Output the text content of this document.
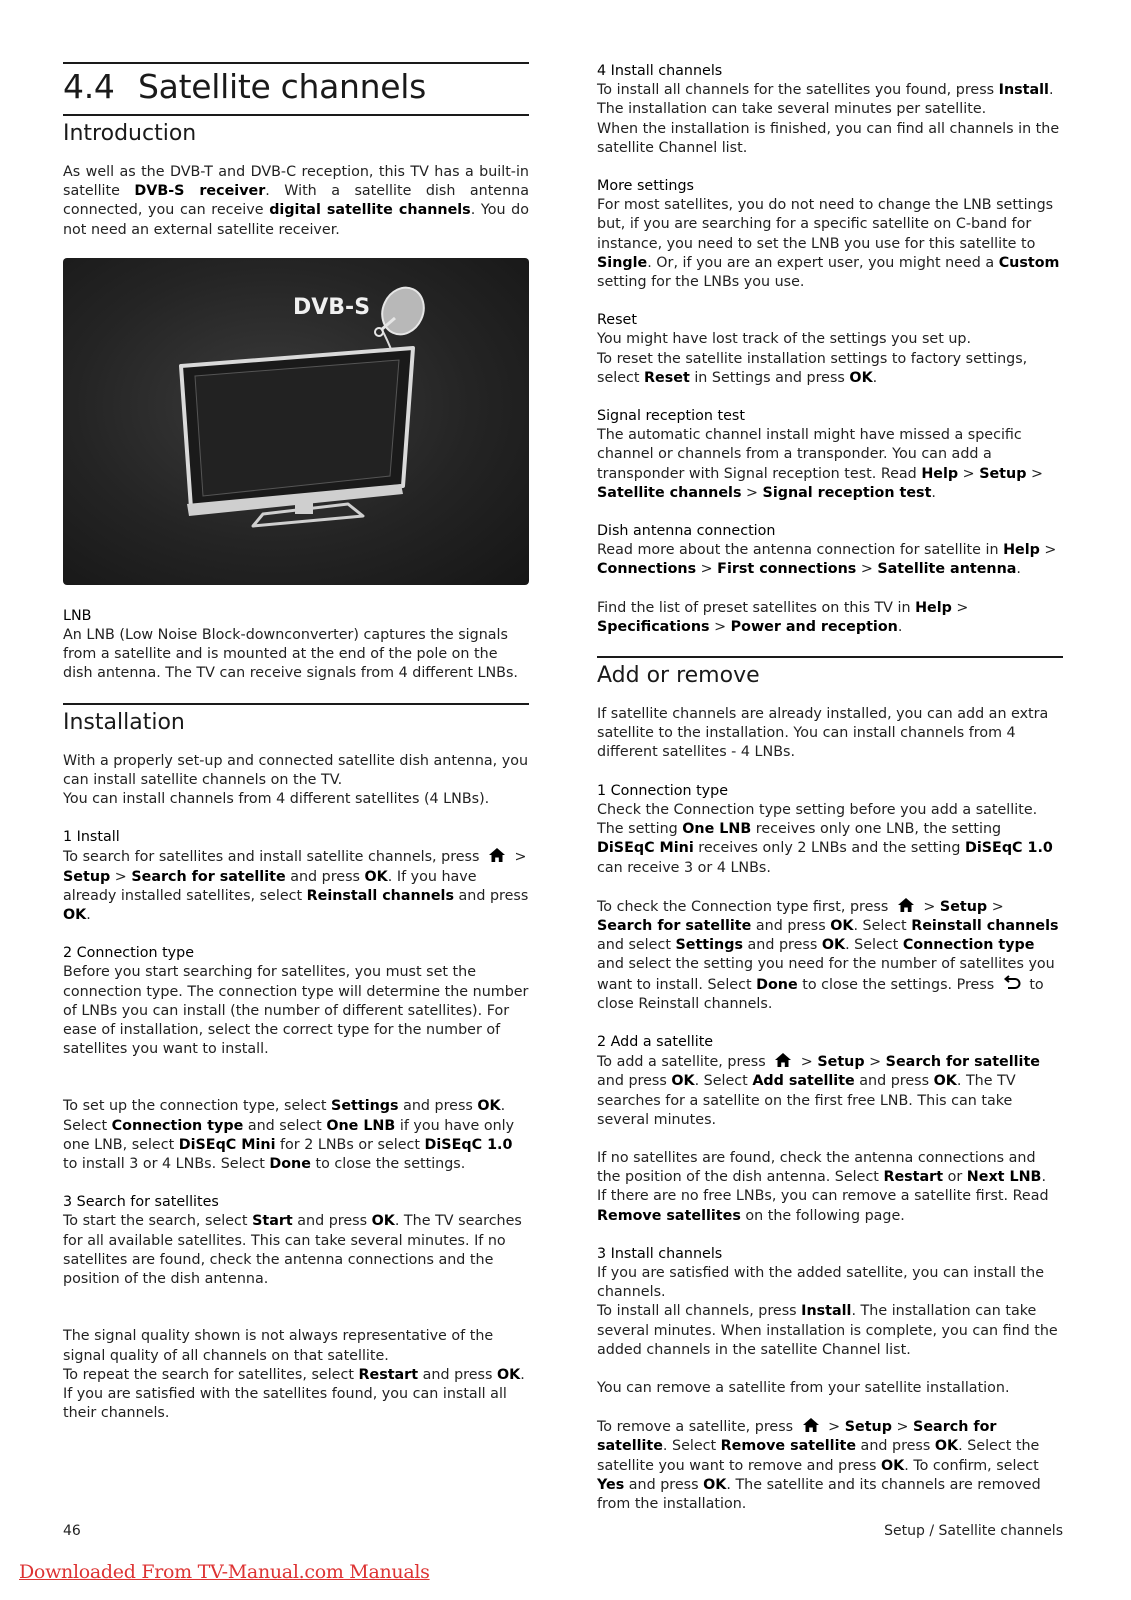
4.4 Satellite channels
Introduction

As well as the DVB-T and DVB-C reception, this TV has a built-in satellite DVB-S receiver. With a satellite dish antenna connected, you can receive digital satellite channels. You do not need an external satellite receiver.

DVB-S
LNB

An LNB (Low Noise Block-downconverter) captures the signals from a satellite and is mounted at the end of the pole on the dish antenna. The TV can receive signals from 4 different LNBs.

Installation

With a properly set-up and connected satellite dish antenna, you can install satellite channels on the TV.

You can install channels from 4 different satellites (4 LNBs).

1 Install

To search for satellites and install satellite channels, press  > Setup > Search for satellite and press OK. If you have already installed satellites, select Reinstall channels and press OK.

2 Connection type

Before you start searching for satellites, you must set the connection type. The connection type will determine the number of LNBs you can install (the number of different satellites). For ease of installation, select the correct type for the number of satellites you want to install.

To set up the connection type, select Settings and press OK. Select Connection type and select One LNB if you have only one LNB, select DiSEqC Mini for 2 LNBs or select DiSEqC 1.0 to install 3 or 4 LNBs. Select Done to close the settings.

3 Search for satellites

To start the search, select Start and press OK. The TV searches for all available satellites. This can take several minutes. If no satellites are found, check the antenna connections and the position of the dish antenna.

The signal quality shown is not always representative of the signal quality of all channels on that satellite.

To repeat the search for satellites, select Restart and press OK.

If you are satisfied with the satellites found, you can install all their channels.

4 Install channels

To install all channels for the satellites you found, press Install. The installation can take several minutes per satellite.

When the installation is finished, you can find all channels in the satellite Channel list.

More settings

For most satellites, you do not need to change the LNB settings but, if you are searching for a specific satellite on C-band for instance, you need to set the LNB you use for this satellite to Single. Or, if you are an expert user, you might need a Custom setting for the LNBs you use.

Reset

You might have lost track of the settings you set up.

To reset the satellite installation settings to factory settings, select Reset in Settings and press OK.

Signal reception test

The automatic channel install might have missed a specific channel or channels from a transponder. You can add a transponder with Signal reception test. Read Help > Setup > Satellite channels > Signal reception test.

Dish antenna connection

Read more about the antenna connection for satellite in Help > Connections > First connections > Satellite antenna.

Find the list of preset satellites on this TV in Help > Specifications > Power and reception.

Add or remove

If satellite channels are already installed, you can add an extra satellite to the installation. You can install channels from 4 different satellites - 4 LNBs.

1 Connection type

Check the Connection type setting before you add a satellite. The setting One LNB receives only one LNB, the setting DiSEqC Mini receives only 2 LNBs and the setting DiSEqC 1.0 can receive 3 or 4 LNBs.

To check the Connection type first, press  > Setup > Search for satellite and press OK. Select Reinstall channels and select Settings and press OK. Select Connection type and select the setting you need for the number of satellites you want to install. Select Done to close the settings. Press  to close Reinstall channels.

2 Add a satellite

To add a satellite, press  > Setup > Search for satellite and press OK. Select Add satellite and press OK. The TV searches for a satellite on the first free LNB. This can take several minutes.

If no satellites are found, check the antenna connections and the position of the dish antenna. Select Restart or Next LNB.

If there are no free LNBs, you can remove a satellite first. Read Remove satellites on the following page.

3 Install channels

If you are satisfied with the added satellite, you can install the channels.

To install all channels, press Install. The installation can take several minutes. When installation is complete, you can find the added channels in the satellite Channel list.

You can remove a satellite from your satellite installation.

To remove a satellite, press  > Setup > Search for satellite. Select Remove satellite and press OK. Select the satellite you want to remove and press OK. To confirm, select Yes and press OK. The satellite and its channels are removed from the installation.

46	Setup / Satellite channels
Downloaded From TV-Manual.com Manuals
